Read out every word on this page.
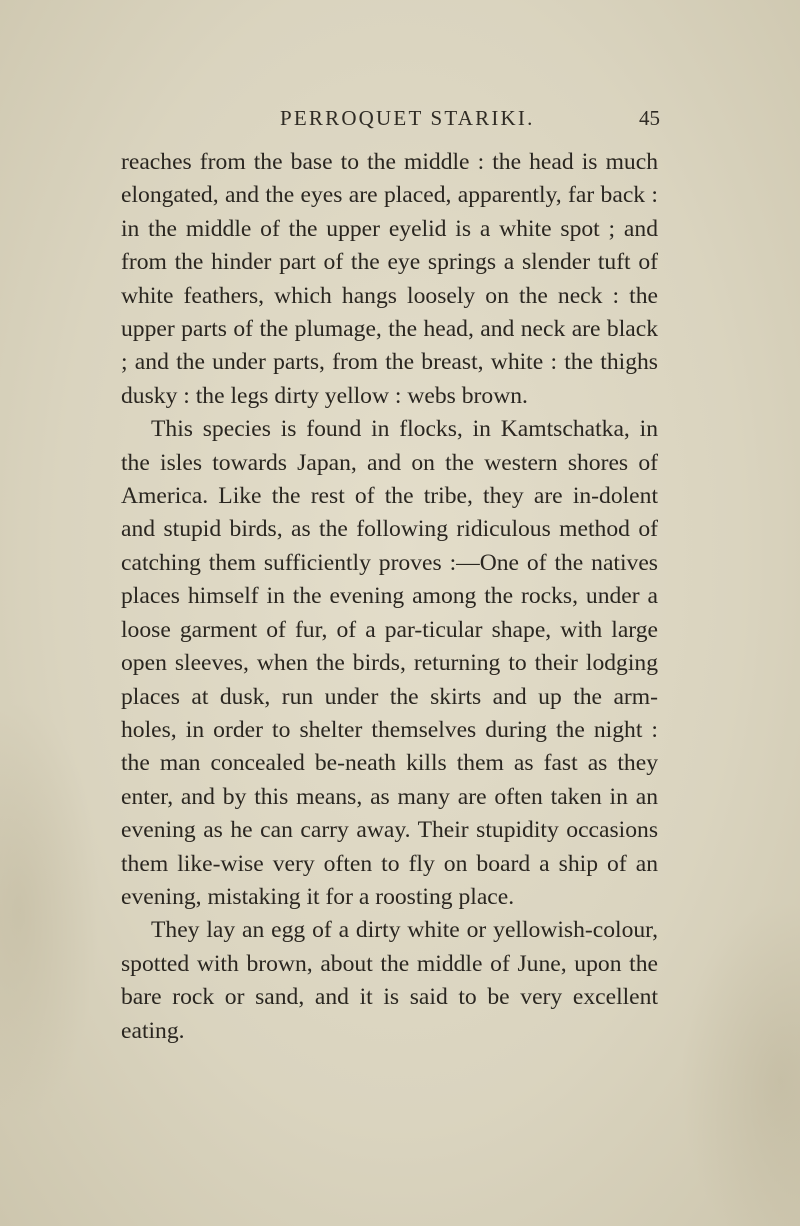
PERROQUET STARIKI.	45

reaches from the base to the middle : the head is much elongated, and the eyes are placed, apparently, far back : in the middle of the upper eyelid is a white spot ; and from the hinder part of the eye springs a slender tuft of white feathers, which hangs loosely on the neck : the upper parts of the plumage, the head, and neck are black ; and the under parts, from the breast, white : the thighs dusky : the legs dirty yellow : webs brown.

This species is found in flocks, in Kamtschatka, in the isles towards Japan, and on the western shores of America. Like the rest of the tribe, they are in-dolent and stupid birds, as the following ridiculous method of catching them sufficiently proves :—One of the natives places himself in the evening among the rocks, under a loose garment of fur, of a par-ticular shape, with large open sleeves, when the birds, returning to their lodging places at dusk, run under the skirts and up the arm-holes, in order to shelter themselves during the night : the man concealed be-neath kills them as fast as they enter, and by this means, as many are often taken in an evening as he can carry away. Their stupidity occasions them like-wise very often to fly on board a ship of an evening, mistaking it for a roosting place.

They lay an egg of a dirty white or yellowish-colour, spotted with brown, about the middle of June, upon the bare rock or sand, and it is said to be very excellent eating.
